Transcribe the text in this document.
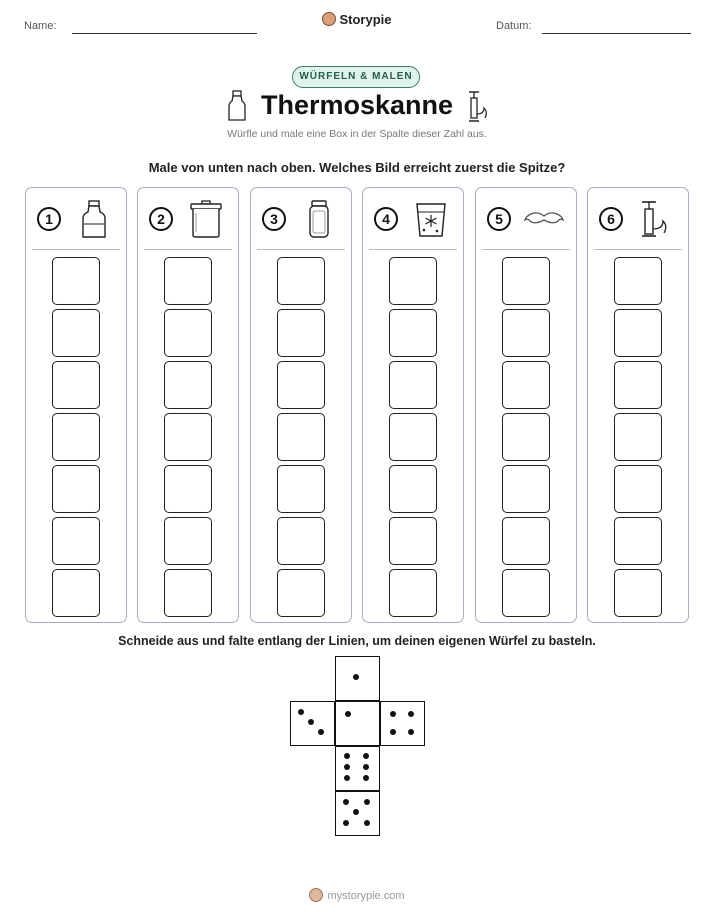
Name:	Storypie	Datum:
WÜRFELN & MALEN
Thermoskanne
Würfle und male eine Box in der Spalte dieser Zahl aus.
Male von unten nach oben. Welches Bild erreicht zuerst die Spitze?
1	2	3	4	5	6
Schneide aus und falte entlang der Linien, um deinen eigenen Würfel zu basteln.
mystorypie.com
